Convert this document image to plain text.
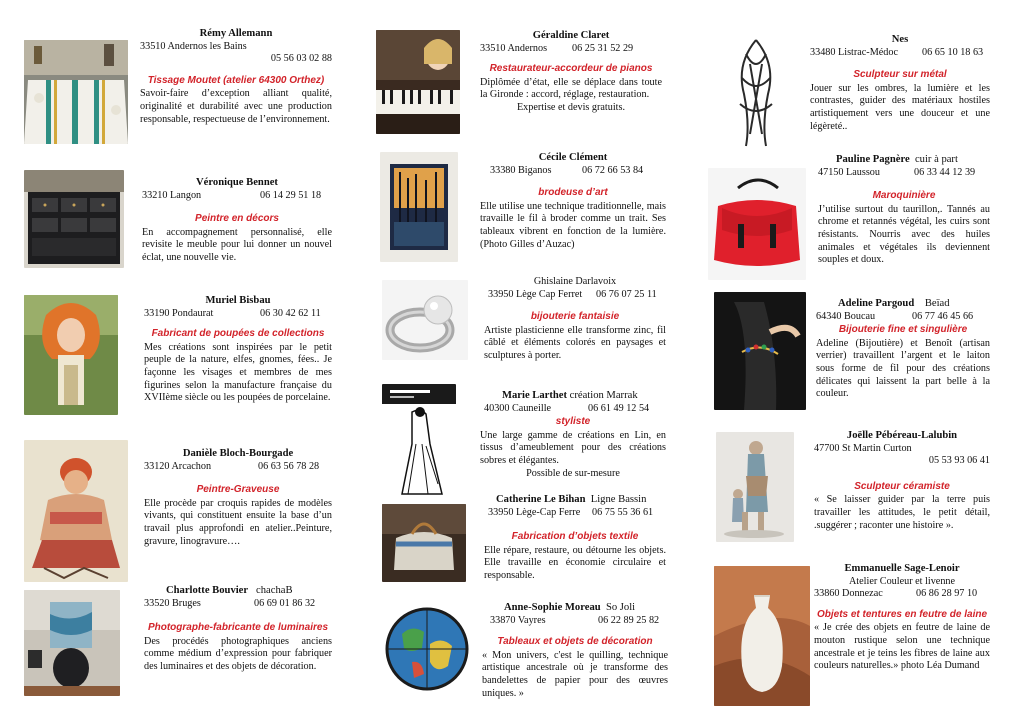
Rémy Allemann
33510 Andernos les Bains
05 56 03 02 88
Tissage Moutet (atelier 64300 Orthez)
Savoir-faire d’exception alliant qualité, originalité et durabilité avec une production responsable, respectueuse de l’environnement.
Véronique Bennet
33210 Langon	06 14 29 51 18
Peintre en décors
En accompagnement personnalisé, elle revisite le meuble pour lui donner un nouvel éclat, une nouvelle vie.
Muriel Bisbau
33190 Pondaurat	06 30 42 62 11
Fabricant de poupées de collections
Mes créations sont inspirées par le petit peuple de la nature, elfes, gnomes, fées.. Je façonne les visages et membres de mes figurines selon la manufacture française du XVIIème siècle ou les poupées de porcelaine.
Danièle Bloch-Bourgade
33120 Arcachon	06 63 56 78 28
Peintre-Graveuse
Elle procède par croquis rapides de modèles vivants, qui constituent ensuite la base d’un travail plus approfondi en atelier..Peinture, gravure, linogravure….
Charlotte Bouvier chachaB
33520 Bruges	06 69 01 86 32
Photographe-fabricante de luminaires
Des procédés photographiques anciens comme médium d’expression pour fabriquer des luminaires et des objets de décoration.
Géraldine Claret
33510 Andernos 06 25 31 52 29
Restaurateur-accordeur de pianos
Diplômée d’état, elle se déplace dans toute la Gironde : accord, réglage, restauration.
Expertise et devis gratuits.
Cécile Clément
33380 Biganos	06 72 66 53 84
brodeuse d’art
Elle utilise une technique traditionnelle, mais travaille le fil à broder comme un trait. Ses tableaux vibrent en fonction de la lumière. (Photo Gilles d’Auzac)
Ghislaine Darlavoix
33950 Lège Cap Ferret 06 76 07 25 11
bijouterie fantaisie
Artiste plasticienne elle transforme zinc, fil câblé et éléments colorés en paysages et sculptures à porter.
Marie Larthet création Marrak
40300 Cauneille	06 61 49 12 54
styliste
Une large gamme de créations en Lin, en tissus d’ameublement pour des créations sobres et élégantes.
Possible de sur-mesure
Catherine Le Bihan Ligne Bassin
33950 Lège-Cap Ferre 06 75 55 36 61
Fabrication d’objets textile
Elle répare, restaure, ou détourne les objets. Elle travaille en économie circulaire et responsable.
Anne-Sophie Moreau So Joli
33870 Vayres	06 22 89 25 82
Tableaux et objets de décoration
« Mon univers, c'est le quilling, technique artistique ancestrale où je transforme des bandelettes de papier pour des œuvres uniques. »
Nes
33480 Listrac-Médoc 06 65 10 18 63
Sculpteur sur métal
Jouer sur les ombres, la lumière et les contrastes, guider des matériaux hostiles artistiquement vers une douceur et une légèreté..
Pauline Pagnère cuir à part
47150 Laussou	06 33 44 12 39
Maroquinière
J’utilise surtout du taurillon,. Tannés au chrome et retannés végétal, les cuirs sont résistants. Nourris avec des huiles animales et végétales ils deviennent souples et doux.
Adeline Pargoud Beïad
64340 Boucau	06 77 46 45 66
Bijouterie fine et singulière
Adeline (Bijoutière) et Benoît (artisan verrier) travaillent l’argent et le laiton sous forme de fil pour des créations délicates qui laissent la part belle à la couleur.
Joëlle Pébéreau-Lalubin
47700 St Martin Curton
05 53 93 06 41
Sculpteur céramiste
« Se laisser guider par la terre puis travailler les attitudes, le petit détail, .suggérer ; raconter une histoire ».
Emmanuelle Sage-Lenoir
Atelier Couleur et livenne
33860 Donnezac	06 86 28 97 10
Objets et tentures en feutre de laine
« Je crée des objets en feutre de laine de mouton rustique selon une technique ancestrale et je teins les fibres de laine aux couleurs naturelles.» photo Léa Dumand
